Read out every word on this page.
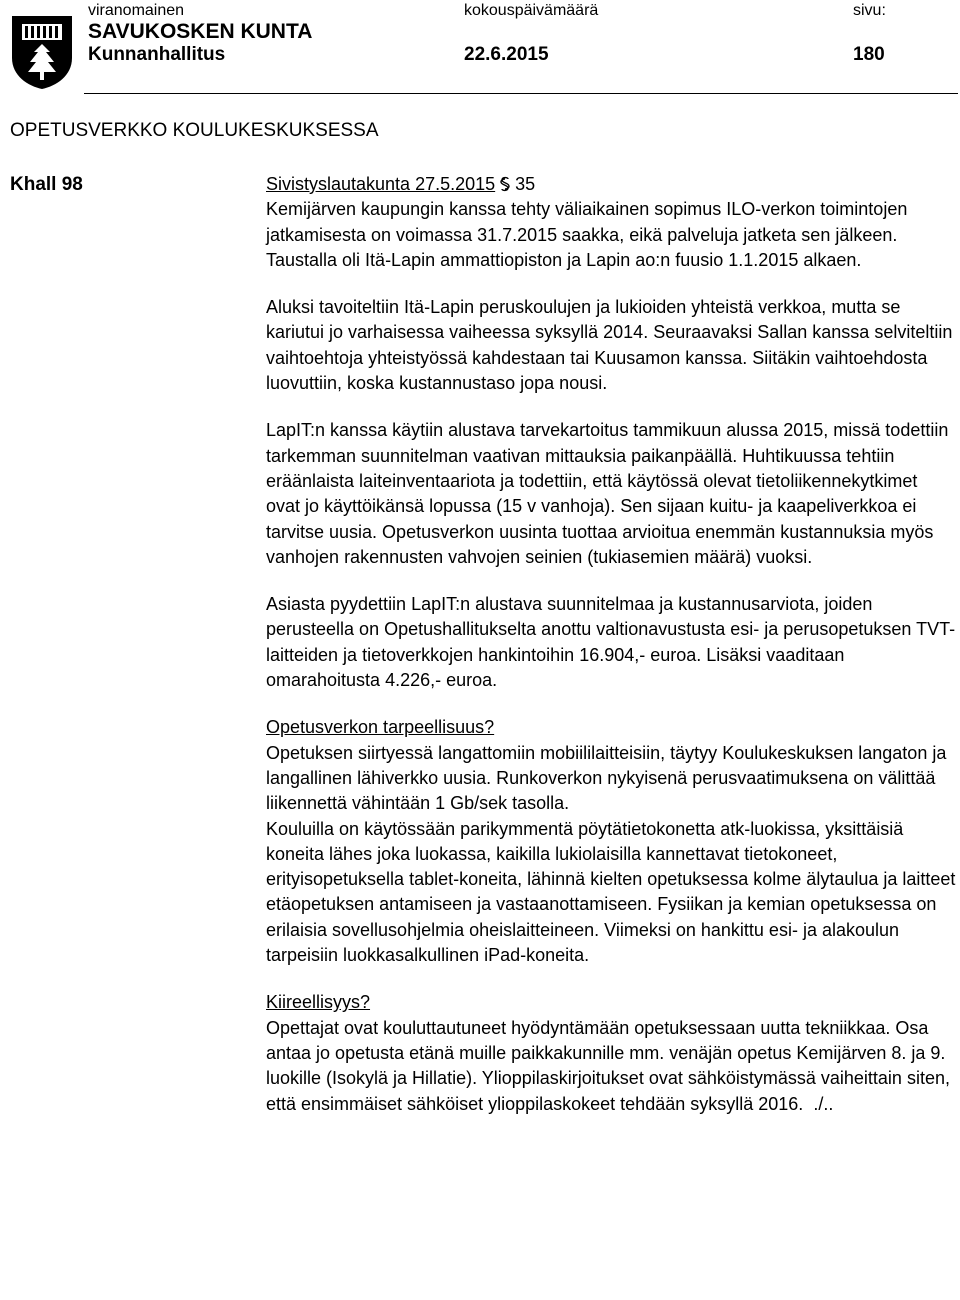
viranomainen	kokouspäivämäärä	sivu:
SAVUKOSKEN KUNTA
Kunnanhallitus	22.6.2015	180
OPETUSVERKKO KOULUKESKUKSESSA
Khall 98	Sivistyslautakunta 27.5.2015 35

Kemijärven kaupungin kanssa tehty väliaikainen sopimus ILO-verkon toimintojen jatkamisesta on voimassa 31.7.2015 saakka, eikä palveluja jatketa sen jälkeen. Taustalla oli Itä-Lapin ammattiopiston ja Lapin ao:n fuusio 1.1.2015 alkaen.

Aluksi tavoiteltiin Itä-Lapin peruskoulujen ja lukioiden yhteistä verkkoa, mutta se kariutui jo varhaisessa vaiheessa syksyllä 2014. Seuraavaksi Sallan kanssa selviteltiin vaihtoehtoja yhteistyössä kahdestaan tai Kuusamon kanssa. Siitäkin vaihtoehdosta luovuttiin, koska kustannustaso jopa nousi.

LapIT:n kanssa käytiin alustava tarvekartoitus tammikuun alussa 2015, missä todettiin tarkemman suunnitelman vaativan mittauksia paikanpäällä. Huhtikuussa tehtiin eräänlaista laiteinventaariota ja todettiin, että käytössä olevat tietoliikennekytkimet ovat jo käyttöikänsä lopussa (15 v vanhoja). Sen sijaan kuitu- ja kaapeliverkkoa ei tarvitse uusia. Opetusverkon uusinta tuottaa arvioitua enemmän kustannuksia myös vanhojen rakennusten vahvojen seinien (tukiasemien määrä) vuoksi.

Asiasta pyydettiin LapIT:n alustava suunnitelmaa ja kustannusarviota, joiden perusteella on Opetushallitukselta anottu valtionavustusta esi- ja perusopetuksen TVT-laitteiden ja tietoverkkojen hankintoihin 16.904,- euroa. Lisäksi vaaditaan omarahoitusta 4.226,- euroa.

Opetusverkon tarpeellisuus?

Opetuksen siirtyessä langattomiin mobiililaitteisiin, täytyy Koulukeskuksen langaton ja langallinen lähiverkko uusia. Runkoverkon nykyisenä perusvaatimuksena on välittää liikennettä vähintään 1 Gb/sek tasolla.

Kouluilla on käytössään parikymmentä pöytätietokonetta atk-luokissa, yksittäisiä koneita lähes joka luokassa, kaikilla lukiolaisilla kannettavat tietokoneet, erityisopetuksella tablet-koneita, lähinnä kielten opetuksessa kolme älytaulua ja laitteet etäopetuksen antamiseen ja vastaanottamiseen. Fysiikan ja kemian opetuksessa on erilaisia sovellusohjelmia oheislaitteineen. Viimeksi on hankittu esi- ja alakoulun tarpeisiin luokkasalkullinen iPad-koneita.

Kiireellisyys?

Opettajat ovat kouluttautuneet hyödyntämään opetuksessaan uutta tekniikkaa. Osa antaa jo opetusta etänä muille paikkakunnille mm. venäjän opetus Kemijärven 8. ja 9. luokille (Isokylä ja Hillatie). Ylioppilaskirjoitukset ovat sähköistymässä vaiheittain siten, että ensimmäiset sähköiset ylioppilaskokeet tehdään syksyllä 2016. ./..
